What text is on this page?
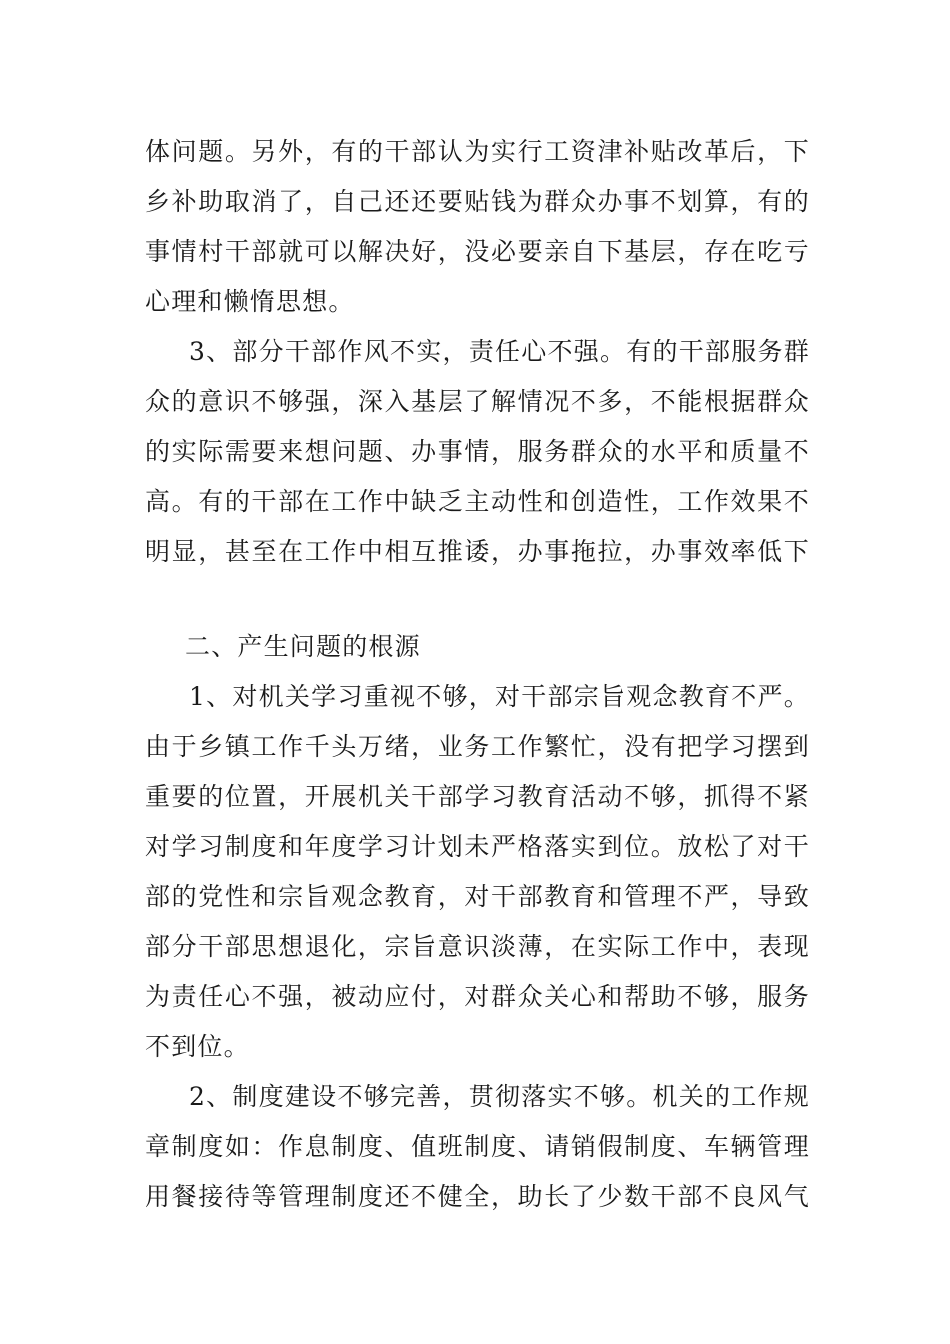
体问题。另外，有的干部认为实行工资津补贴改革后，下
乡补助取消了，自己还还要贴钱为群众办事不划算，有的
事情村干部就可以解决好，没必要亲自下基层，存在吃亏
心理和懒惰思想。
3、部分干部作风不实，责任心不强。有的干部服务群
众的意识不够强，深入基层了解情况不多，不能根据群众
的实际需要来想问题、办事情，服务群众的水平和质量不
高。有的干部在工作中缺乏主动性和创造性，工作效果不
明显，甚至在工作中相互推诿，办事拖拉，办事效率低下
二、产生问题的根源
1、对机关学习重视不够，对干部宗旨观念教育不严。
由于乡镇工作千头万绪，业务工作繁忙，没有把学习摆到
重要的位置，开展机关干部学习教育活动不够，抓得不紧
对学习制度和年度学习计划未严格落实到位。放松了对干
部的党性和宗旨观念教育，对干部教育和管理不严，导致
部分干部思想退化，宗旨意识淡薄，在实际工作中，表现
为责任心不强，被动应付，对群众关心和帮助不够，服务
不到位。
2、制度建设不够完善，贯彻落实不够。机关的工作规
章制度如：作息制度、值班制度、请销假制度、车辆管理
用餐接待等管理制度还不健全，助长了少数干部不良风气
